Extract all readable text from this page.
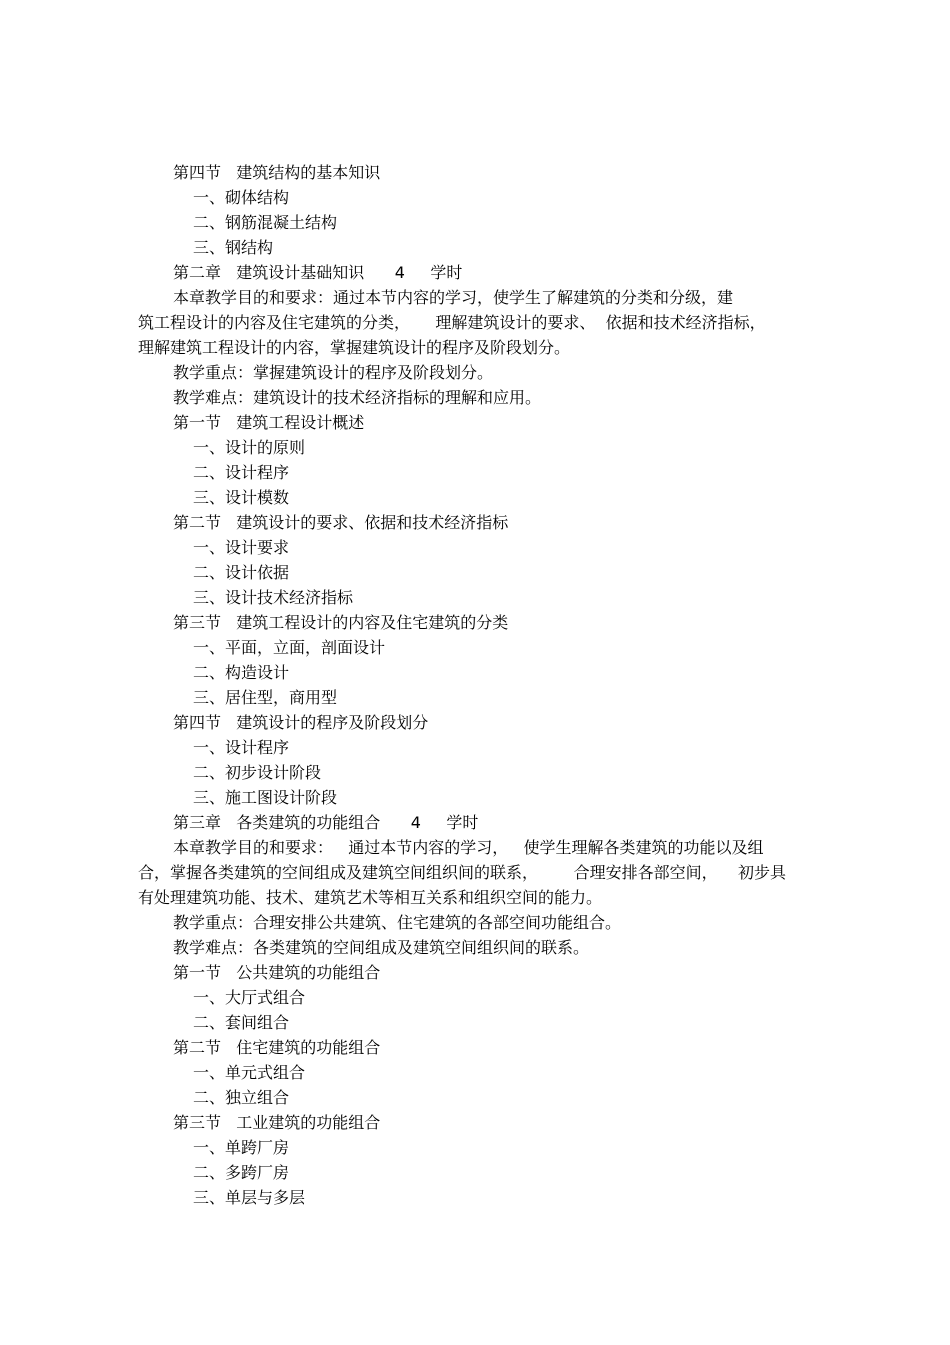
第四节   建筑结构的基本知识
一、砌体结构
二、钢筋混凝土结构
三、钢结构
第二章   建筑设计基础知识      4     学时
本章教学目的和要求：通过本节内容的学习，使学生了解建筑的分类和分级，建
筑工程设计的内容及住宅建筑的分类，     理解建筑设计的要求、  依据和技术经济指标，
理解建筑工程设计的内容，掌握建筑设计的程序及阶段划分。
教学重点：掌握建筑设计的程序及阶段划分。
教学难点：建筑设计的技术经济指标的理解和应用。
第一节   建筑工程设计概述
一、设计的原则
二、设计程序
三、设计模数
第二节   建筑设计的要求、依据和技术经济指标
一、设计要求
二、设计依据
三、设计技术经济指标
第三节   建筑工程设计的内容及住宅建筑的分类
一、平面，立面，剖面设计
二、构造设计
三、居住型，商用型
第四节   建筑设计的程序及阶段划分
一、设计程序
二、初步设计阶段
三、施工图设计阶段
第三章   各类建筑的功能组合      4     学时
本章教学目的和要求：   通过本节内容的学习，   使学生理解各类建筑的功能以及组
合，掌握各类建筑的空间组成及建筑空间组织间的联系，       合理安排各部空间，    初步具
有处理建筑功能、技术、建筑艺术等相互关系和组织空间的能力。
教学重点：合理安排公共建筑、住宅建筑的各部空间功能组合。
教学难点：各类建筑的空间组成及建筑空间组织间的联系。
第一节   公共建筑的功能组合
一、大厅式组合
二、套间组合
第二节   住宅建筑的功能组合
一、单元式组合
二、独立组合
第三节   工业建筑的功能组合
一、单跨厂房
二、多跨厂房
三、单层与多层
